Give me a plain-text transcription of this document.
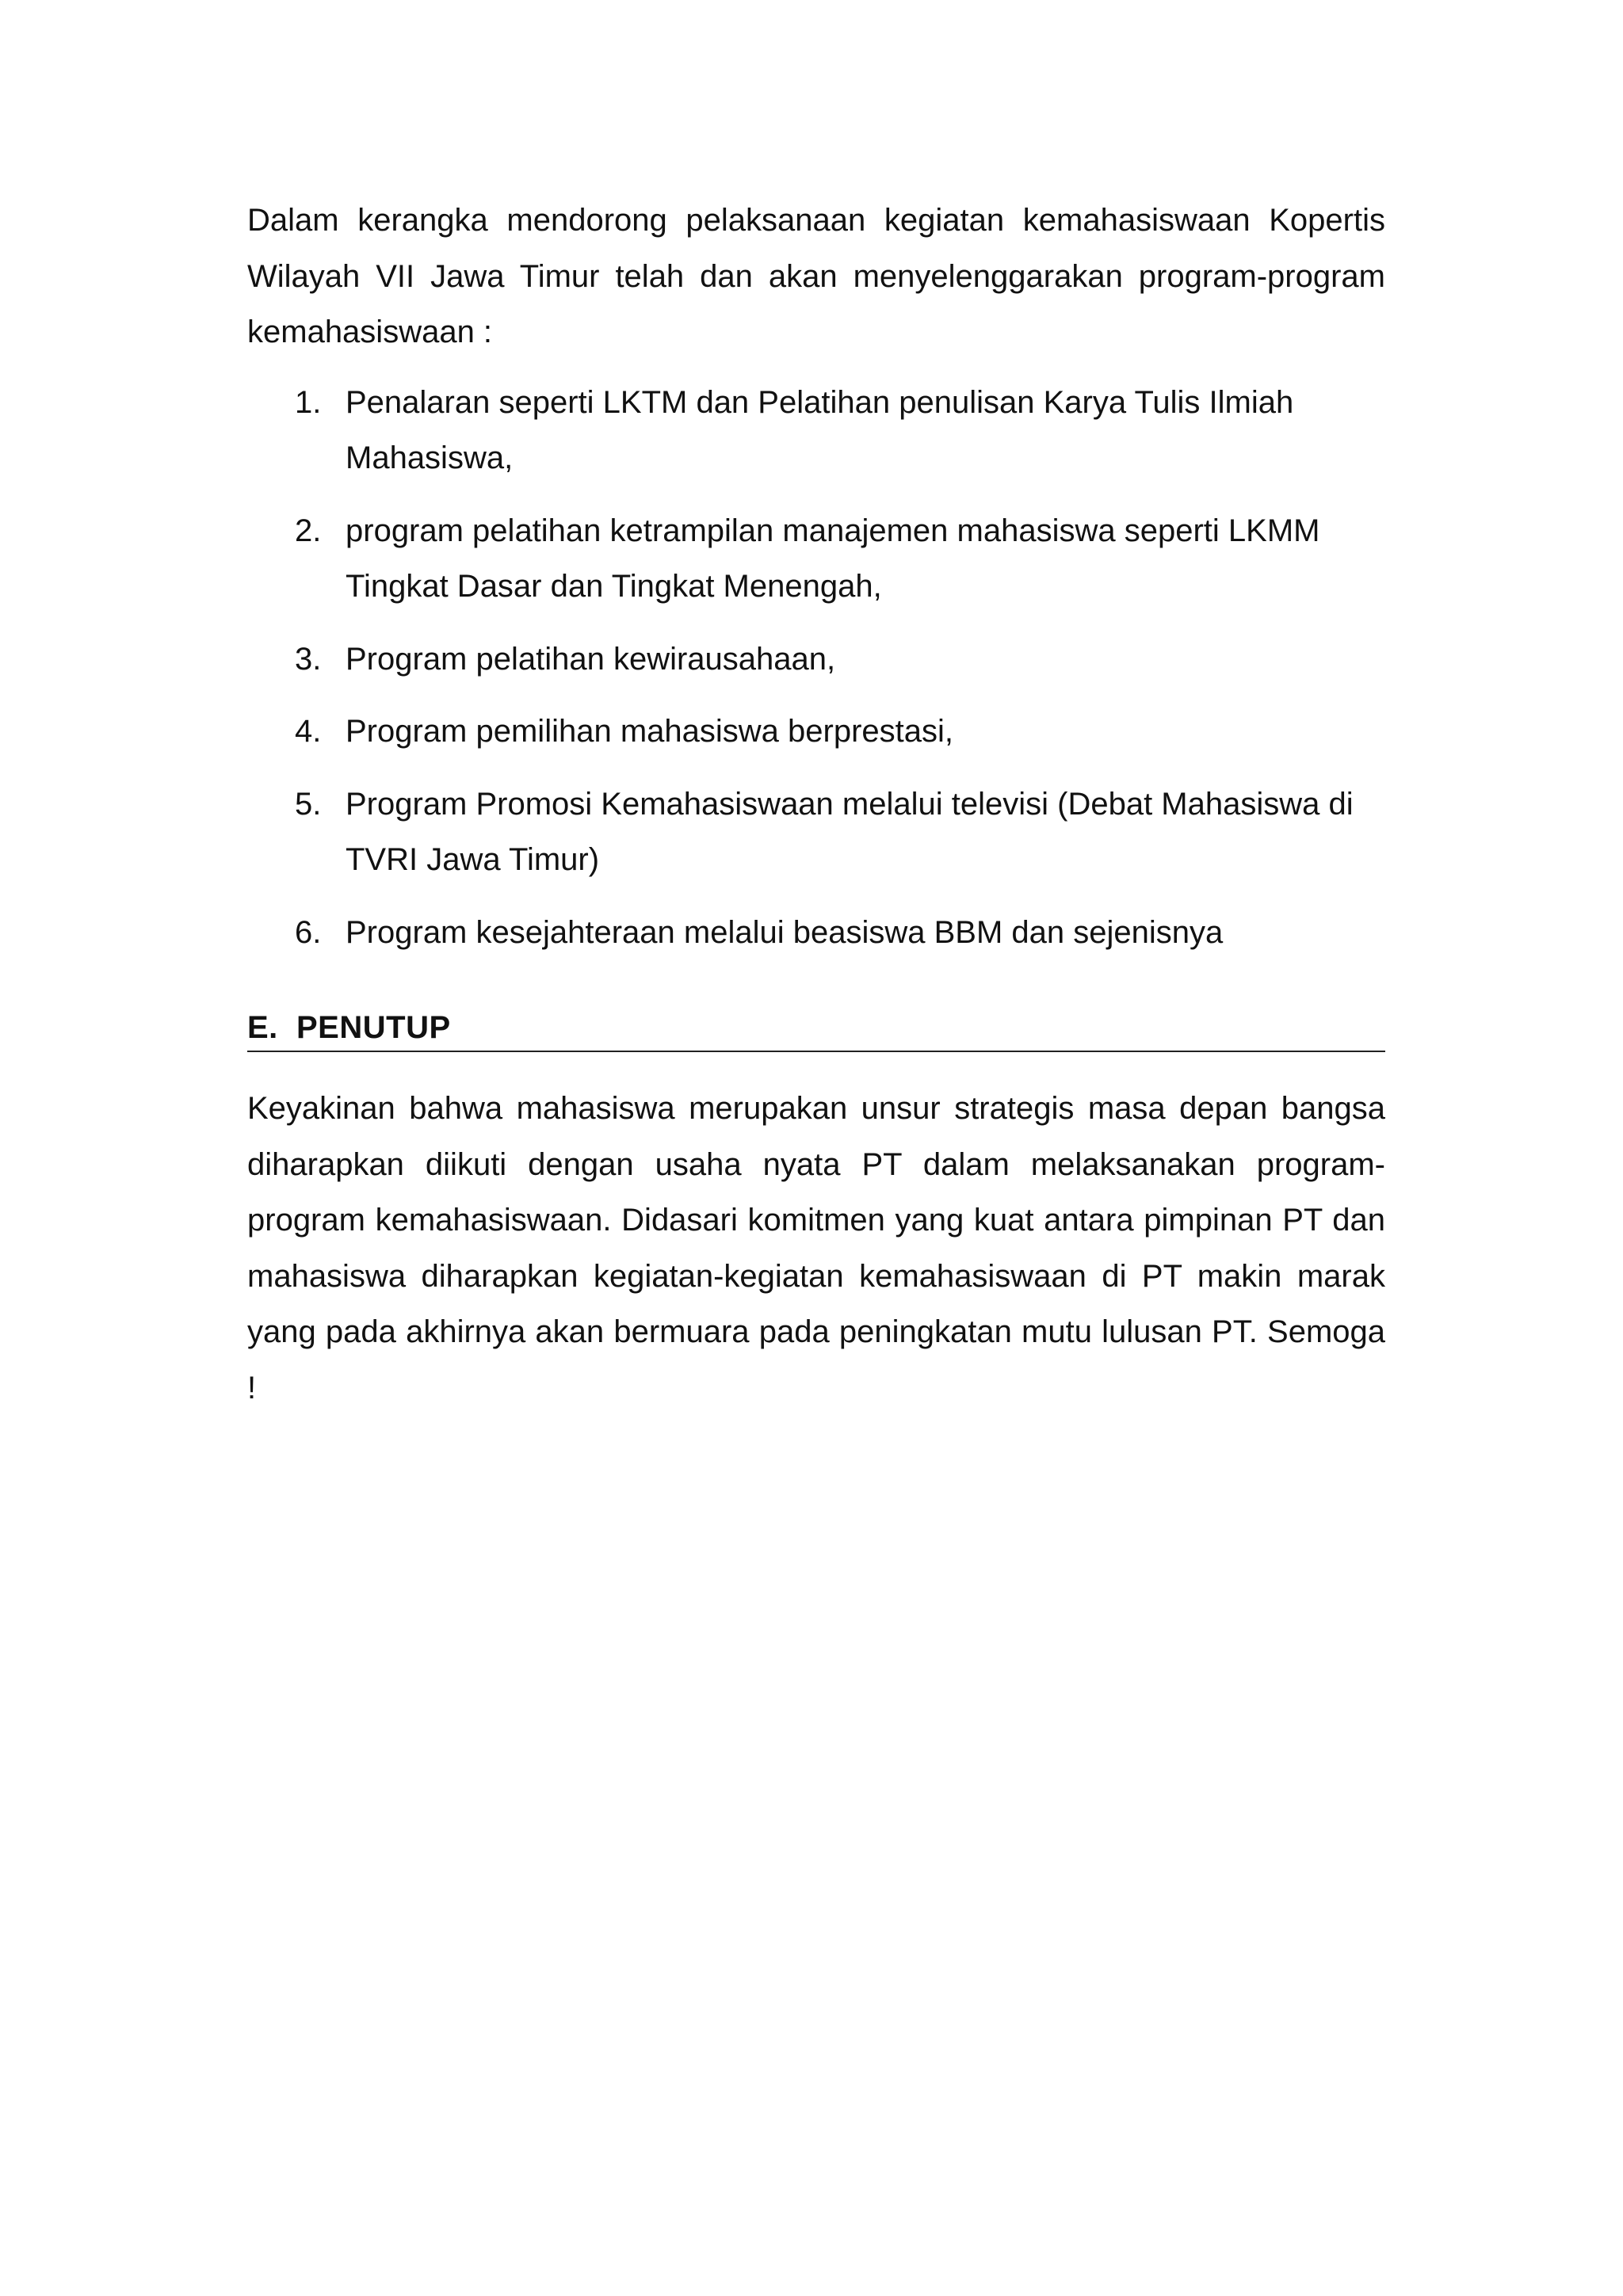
Dalam kerangka mendorong pelaksanaan kegiatan kemahasiswaan Kopertis Wilayah VII Jawa Timur telah dan akan menyelenggarakan program-program kemahasiswaan :

1. Penalaran seperti LKTM dan Pelatihan penulisan Karya Tulis Ilmiah Mahasiswa,
2. program pelatihan ketrampilan manajemen mahasiswa seperti LKMM Tingkat Dasar dan Tingkat Menengah,
3. Program pelatihan kewirausahaan,
4. Program pemilihan mahasiswa berprestasi,
5. Program Promosi Kemahasiswaan melalui televisi (Debat Mahasiswa di TVRI Jawa Timur)
6. Program kesejahteraan melalui beasiswa BBM dan sejenisnya
E. PENUTUP

Keyakinan bahwa mahasiswa merupakan unsur strategis masa depan bangsa diharapkan diikuti dengan usaha nyata PT dalam melaksanakan program-program kemahasiswaan. Didasari komitmen yang kuat antara pimpinan PT dan mahasiswa diharapkan kegiatan-kegiatan kemahasiswaan di PT makin marak yang pada akhirnya akan bermuara pada peningkatan mutu lulusan PT. Semoga !
